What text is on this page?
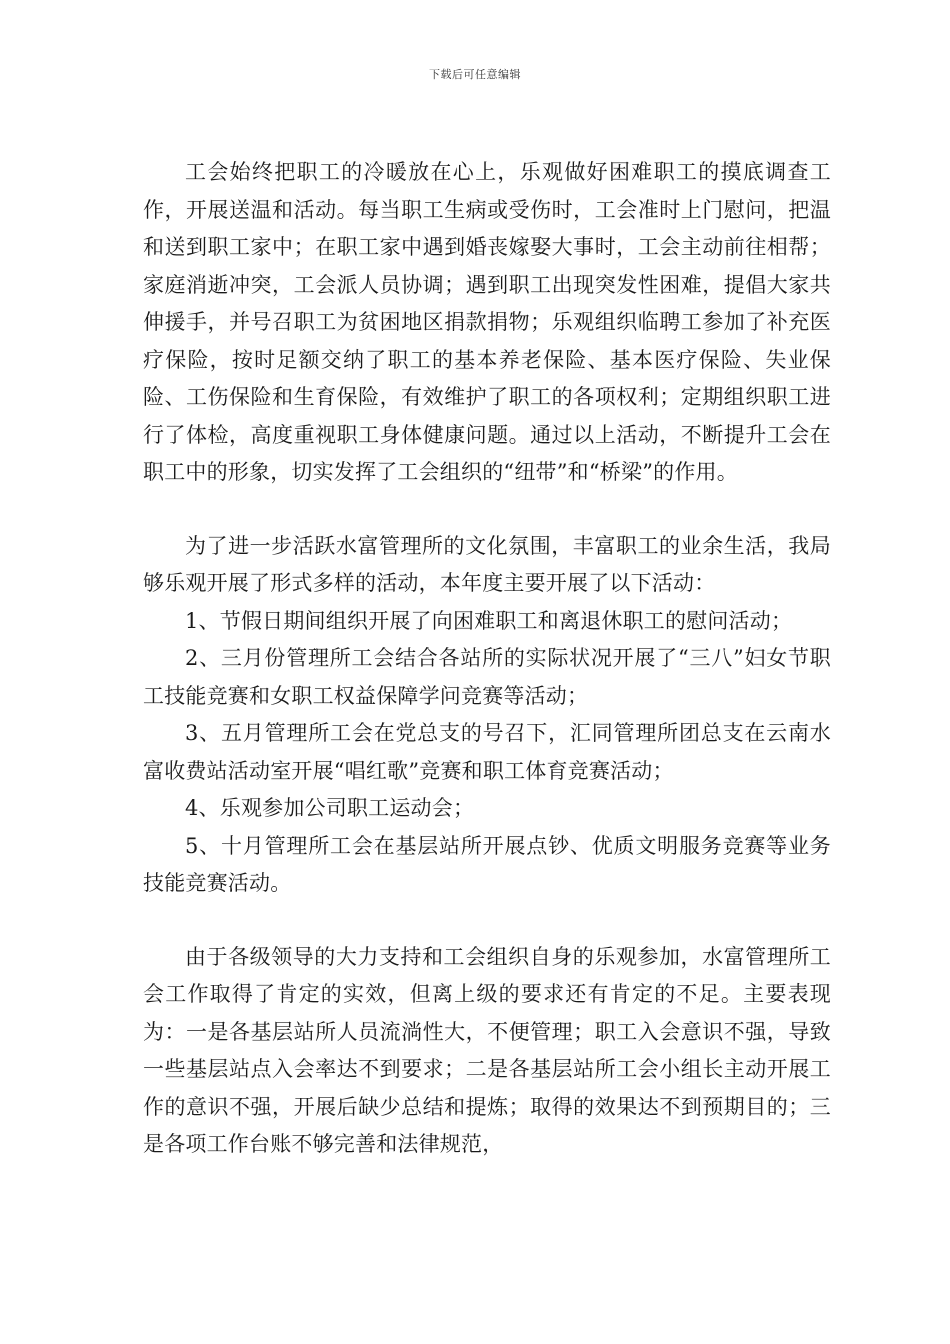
下载后可任意编辑

工会始终把职工的冷暖放在心上，乐观做好困难职工的摸底调查工作，开展送温和活动。每当职工生病或受伤时，工会准时上门慰问，把温和送到职工家中；在职工家中遇到婚丧嫁娶大事时，工会主动前往相帮；家庭消逝冲突，工会派人员协调；遇到职工出现突发性困难，提倡大家共伸援手，并号召职工为贫困地区捐款捐物；乐观组织临聘工参加了补充医疗保险，按时足额交纳了职工的基本养老保险、基本医疗保险、失业保险、工伤保险和生育保险，有效维护了职工的各项权利；定期组织职工进行了体检，高度重视职工身体健康问题。通过以上活动，不断提升工会在职工中的形象，切实发挥了工会组织的“纽带”和“桥梁”的作用。

为了进一步活跃水富管理所的文化氛围，丰富职工的业余生活，我局够乐观开展了形式多样的活动，本年度主要开展了以下活动：

1、节假日期间组织开展了向困难职工和离退休职工的慰问活动；

2、三月份管理所工会结合各站所的实际状况开展了“三八”妇女节职工技能竞赛和女职工权益保障学问竞赛等活动；

3、五月管理所工会在党总支的号召下，汇同管理所团总支在云南水富收费站活动室开展“唱红歌”竞赛和职工体育竞赛活动；

4、乐观参加公司职工运动会；

5、十月管理所工会在基层站所开展点钞、优质文明服务竞赛等业务技能竞赛活动。

由于各级领导的大力支持和工会组织自身的乐观参加，水富管理所工会工作取得了肯定的实效，但离上级的要求还有肯定的不足。主要表现为：一是各基层站所人员流淌性大，不便管理；职工入会意识不强，导致一些基层站点入会率达不到要求；二是各基层站所工会小组长主动开展工作的意识不强，开展后缺少总结和提炼；取得的效果达不到预期目的；三是各项工作台账不够完善和法律规范，
